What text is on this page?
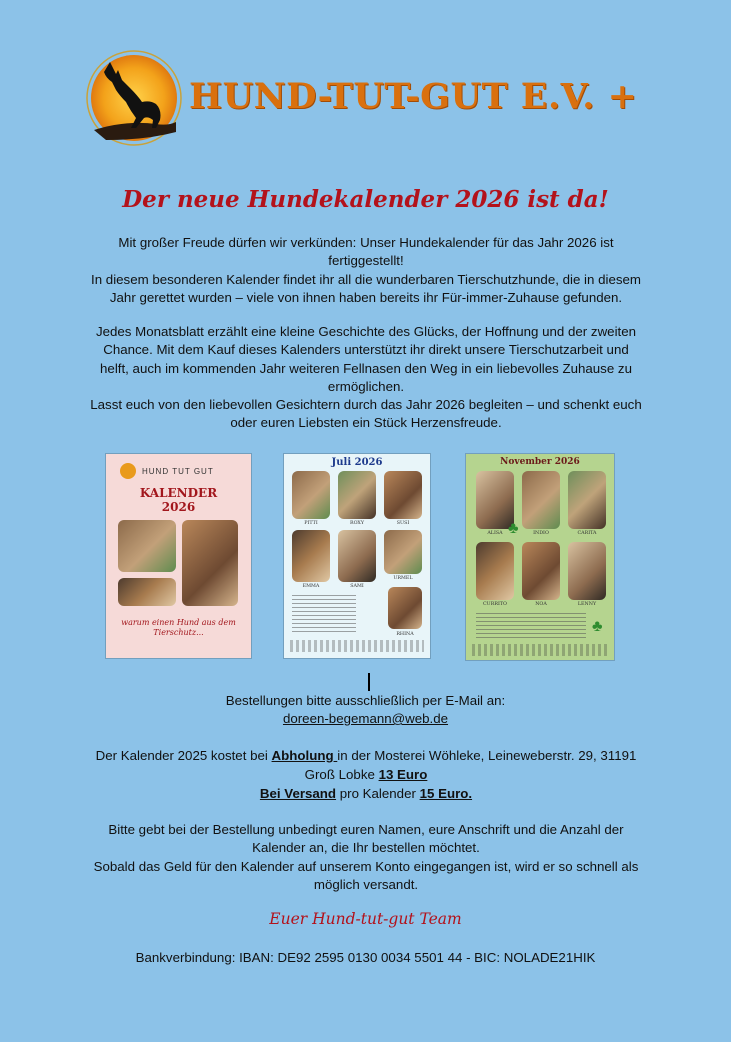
HUND-TUT-GUT E.V. +
Der neue Hundekalender 2026 ist da!
Mit großer Freude dürfen wir verkünden: Unser Hundekalender für das Jahr 2026 ist
fertiggestellt!
In diesem besonderen Kalender findet ihr all die wunderbaren Tierschutzhunde, die in diesem
Jahr gerettet wurden – viele von ihnen haben bereits ihr Für-immer-Zuhause gefunden.
Jedes Monatsblatt erzählt eine kleine Geschichte des Glücks, der Hoffnung und der zweiten
Chance. Mit dem Kauf dieses Kalenders unterstützt ihr direkt unsere Tierschutzarbeit und
helft, auch im kommenden Jahr weiteren Fellnasen den Weg in ein liebevolles Zuhause zu
ermöglichen.
Lasst euch von den liebevollen Gesichtern durch das Jahr 2026 begleiten – und schenkt euch
oder euren Liebsten ein Stück Herzensfreude.
HUND TUT GUT
KALENDER
2026
warum einen Hund aus dem Tierschutz...
Juli 2026
PITTI	ROXY	SUSI
EMMA	SAMI
URMEL
RHINA
November 2026
ALISA	INDIO	CARITA
♣
CURRITO	NOA	LENNY
♣
Bestellungen bitte ausschließlich per E-Mail an:
doreen-begemann@web.de
Der Kalender 2025 kostet bei Abholung in der Mosterei Wöhleke, Leineweberstr. 29, 31191
Groß Lobke 13 Euro
Bei Versand pro Kalender 15 Euro.
Bitte gebt bei der Bestellung unbedingt euren Namen, eure Anschrift und die Anzahl der
Kalender an, die Ihr bestellen möchtet.
Sobald das Geld für den Kalender auf unserem Konto eingegangen ist, wird er so schnell als
möglich versandt.
Euer Hund-tut-gut Team
Bankverbindung: IBAN: DE92 2595 0130 0034 5501 44 - BIC: NOLADE21HIK
